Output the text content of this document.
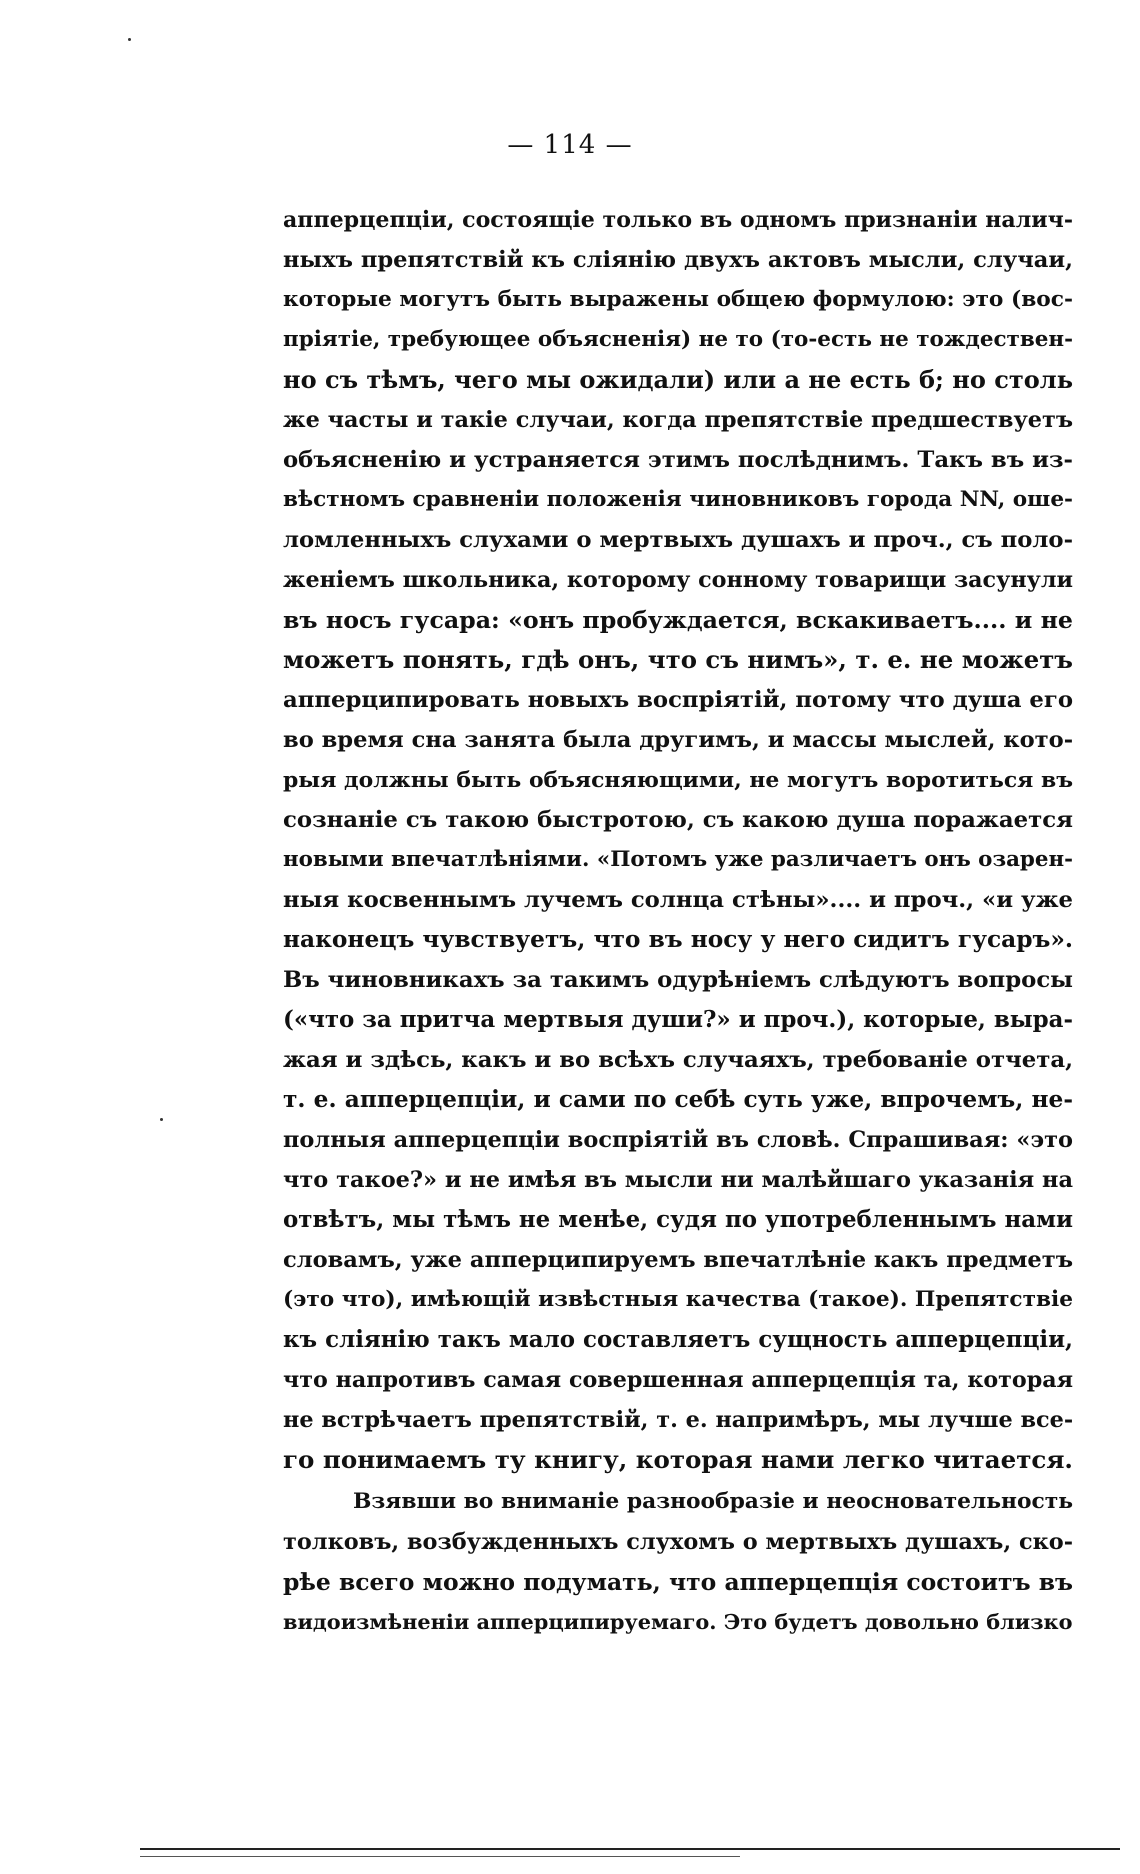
— 114 —
апперцепціи, состоящіе только въ одномъ признаніи налич-
ныхъ препятствій къ слiянію двухъ актовъ мысли, случаи,
которые могутъ быть выражены общею формулою: это (вос-
пріятіе, требующее объясненія) не то (то-есть не тождествен-
но съ тѣмъ, чего мы ожидали) или а не есть б; но столь
же часты и такіе случаи, когда препятствіе предшествуетъ
объясненію и устраняется этимъ послѣднимъ. Такъ въ из-
вѣстномъ сравненіи положенія чиновниковъ города NN, оше-
ломленныхъ слухами о мертвыхъ душахъ и проч., съ поло-
женіемъ школьника, которому сонному товарищи засунули
въ носъ гусара: «онъ пробуждается, вскакиваетъ.... и не
можетъ понять, гдѣ онъ, что съ нимъ», т. е. не можетъ
апперципировать новыхъ воспріятій, потому что душа его
во время сна занята была другимъ, и массы мыслей, кото-
рыя должны быть объясняющими, не могутъ воротиться въ
сознаніе съ такою быстротою, съ какою душа поражается
новыми впечатлѣніями. «Потомъ уже различаетъ онъ озарен-
ныя косвеннымъ лучемъ солнца стѣны».... и проч., «и уже
наконецъ чувствуетъ, что въ носу у него сидитъ гусаръ».
Въ чиновникахъ за такимъ одурѣніемъ слѣдуютъ вопросы
(«что за притча мертвыя души?» и проч.), которые, выра-
жая и здѣсь, какъ и во всѣхъ случаяхъ, требованіе отчета,
т. е. апперцепціи, и сами по себѣ суть уже, впрочемъ, не-
полныя апперцепціи воспріятій въ словѣ. Спрашивая: «это
что такое?» и не имѣя въ мысли ни малѣйшаго указанія на
отвѣтъ, мы тѣмъ не менѣе, судя по употребленнымъ нами
словамъ, уже апперципируемъ впечатлѣніе какъ предметъ
(это что), имѣющій извѣстныя качества (такое). Препятствіе
къ слiянію такъ мало составляетъ сущность апперцепціи,
что напротивъ самая совершенная апперцепція та, которая
не встрѣчаетъ препятствій, т. е. напримѣръ, мы лучше все-
го понимаемъ ту книгу, которая нами легко читается.
Взявши во вниманіе разнообразіе и неосновательность
толковъ, возбужденныхъ слухомъ о мертвыхъ душахъ, ско-
рѣе всего можно подумать, что апперцепція состоитъ въ
видоизмѣненіи апперципируемаго. Это будетъ довольно близко
